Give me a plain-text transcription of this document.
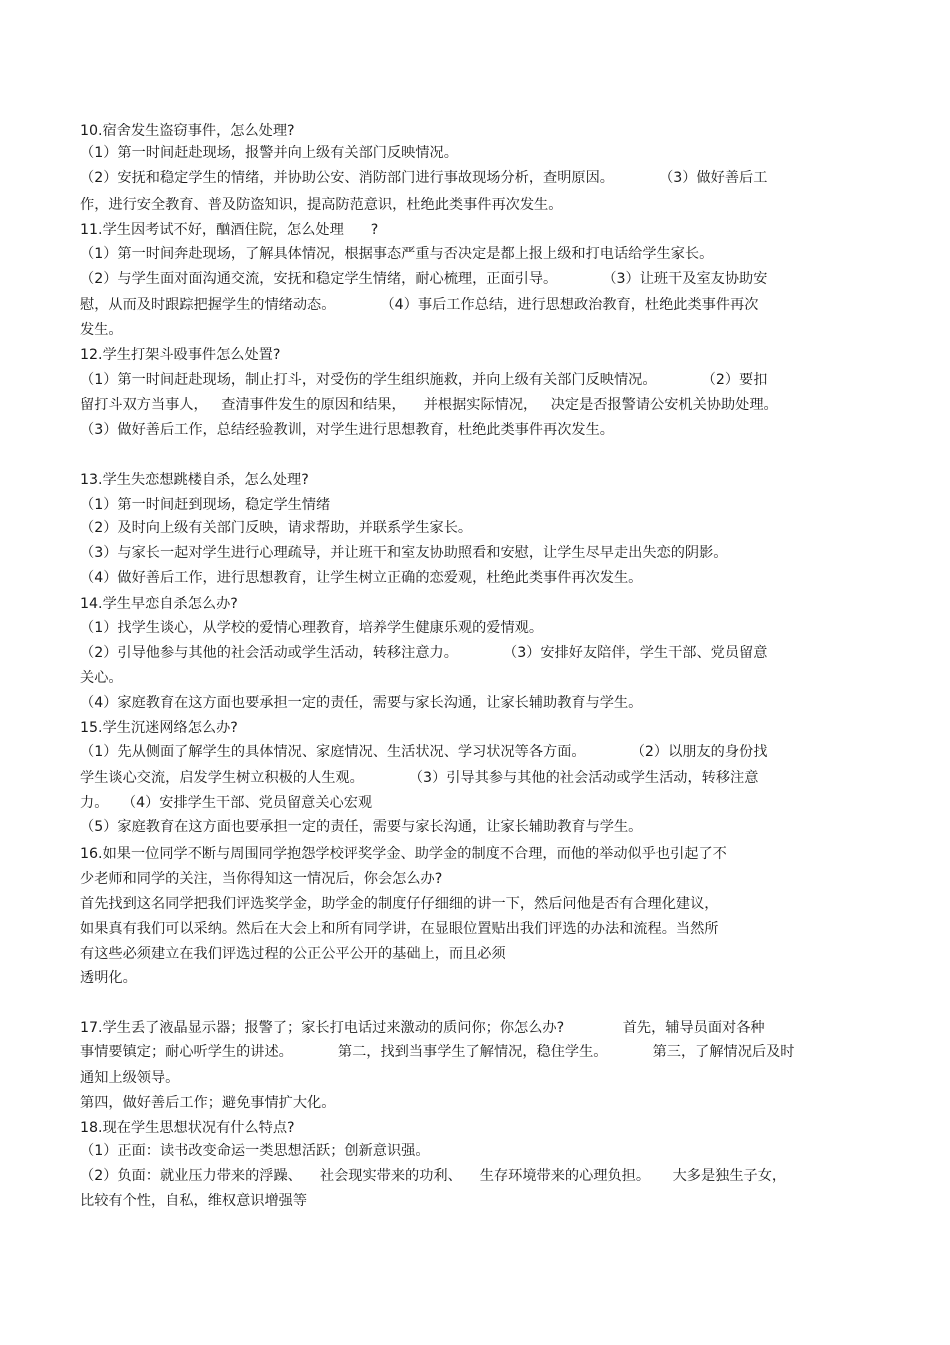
10.宿舍发生盗窃事件，怎么处理?

（1）第一时间赶赴现场，报警并向上级有关部门反映情况。

（2）安抚和稳定学生的情绪，并协助公安、消防部门进行事故现场分析，查明原因。          （3）做好善后工

作，进行安全教育、普及防盗知识，提高防范意识，杜绝此类事件再次发生。

11.学生因考试不好，酗酒住院，怎么处理      ?

（1）第一时间奔赴现场，了解具体情况，根据事态严重与否决定是都上报上级和打电话给学生家长。

（2）与学生面对面沟通交流，安抚和稳定学生情绪，耐心梳理，正面引导。          （3）让班干及室友协助安

慰，从而及时跟踪把握学生的情绪动态。          （4）事后工作总结，进行思想政治教育，杜绝此类事件再次

发生。

12.学生打架斗殴事件怎么处置?

（1）第一时间赶赴现场，制止打斗，对受伤的学生组织施救，并向上级有关部门反映情况。          （2）要扣

留打斗双方当事人，   查清事件发生的原因和结果，    并根据实际情况，   决定是否报警请公安机关协助处理。

（3）做好善后工作，总结经验教训，对学生进行思想教育，杜绝此类事件再次发生。

13.学生失恋想跳楼自杀，怎么处理?

（1）第一时间赶到现场，稳定学生情绪

（2）及时向上级有关部门反映，请求帮助，并联系学生家长。

（3）与家长一起对学生进行心理疏导，并让班干和室友协助照看和安慰，让学生尽早走出失恋的阴影。

（4）做好善后工作，进行思想教育，让学生树立正确的恋爱观，杜绝此类事件再次发生。

14.学生早恋自杀怎么办?

（1）找学生谈心，从学校的爱情心理教育，培养学生健康乐观的爱情观。

（2）引导他参与其他的社会活动或学生活动，转移注意力。          （3）安排好友陪伴，学生干部、党员留意

关心。

（4）家庭教育在这方面也要承担一定的责任，需要与家长沟通，让家长辅助教育与学生。

15.学生沉迷网络怎么办?

（1）先从侧面了解学生的具体情况、家庭情况、生活状况、学习状况等各方面。          （2）以朋友的身份找

学生谈心交流，启发学生树立积极的人生观。          （3）引导其参与其他的社会活动或学生活动，转移注意

力。   （4）安排学生干部、党员留意关心宏观

（5）家庭教育在这方面也要承担一定的责任，需要与家长沟通，让家长辅助教育与学生。

16.如果一位同学不断与周围同学抱怨学校评奖学金、助学金的制度不合理，而他的举动似乎也引起了不

少老师和同学的关注，当你得知这一情况后，你会怎么办?

首先找到这名同学把我们评选奖学金，助学金的制度仔仔细细的讲一下，然后问他是否有合理化建议，

如果真有我们可以采纳。然后在大会上和所有同学讲，在显眼位置贴出我们评选的办法和流程。当然所

有这些必须建立在我们评选过程的公正公平公开的基础上，而且必须

透明化。

17.学生丢了液晶显示器；报警了；家长打电话过来激动的质问你；你怎么办?             首先，辅导员面对各种

事情要镇定；耐心听学生的讲述。          第二，找到当事学生了解情况，稳住学生。          第三，了解情况后及时

通知上级领导。

第四，做好善后工作；避免事情扩大化。

18.现在学生思想状况有什么特点?

（1）正面：读书改变命运一类思想活跃；创新意识强。

（2）负面：就业压力带来的浮躁、    社会现实带来的功利、    生存环境带来的心理负担。     大多是独生子女，

比较有个性，自私，维权意识增强等
